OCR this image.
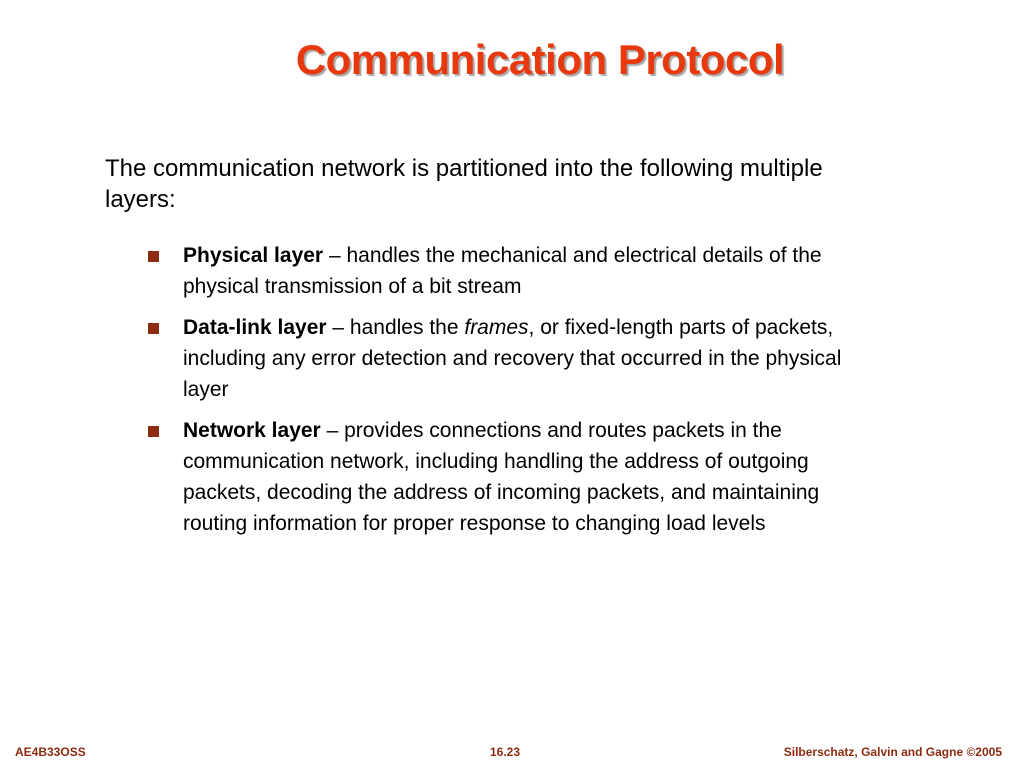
Communication Protocol

The communication network is partitioned into the following multiple layers:

Physical layer – handles the mechanical and electrical details of the physical transmission of a bit stream
Data-link layer – handles the frames, or fixed-length parts of packets, including any error detection and recovery that occurred in the physical layer
Network layer – provides connections and routes packets in the communication network, including handling the address of outgoing packets, decoding the address of incoming packets, and maintaining routing information for proper response to changing load levels
AE4B33OSS	16.23	Silberschatz, Galvin and Gagne ©2005
